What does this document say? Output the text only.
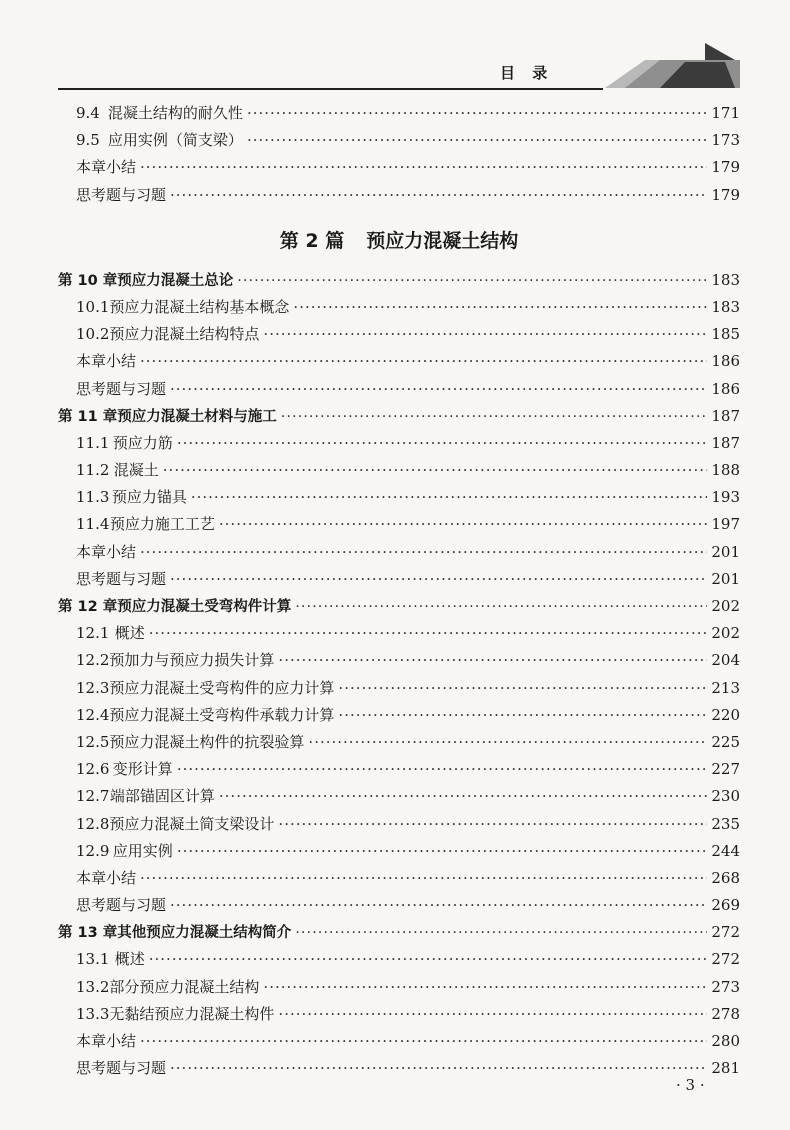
目 录
9.4 混凝土结构的耐久性 ·····	171
9.5 应用实例（简支梁） ·····	173
本章小结 ·····	179
思考题与习题 ·····	179
第 2 篇 预应力混凝土结构
第 10 章 预应力混凝土总论 ·····	183
10.1 预应力混凝土结构基本概念 ·····	183
10.2 预应力混凝土结构特点 ·····	185
本章小结 ·····	186
思考题与习题 ·····	186
第 11 章 预应力混凝土材料与施工 ·····	187
11.1 预应力筋 ·····	187
11.2 混凝土 ·····	188
11.3 预应力锚具 ·····	193
11.4 预应力施工工艺 ·····	197
本章小结 ·····	201
思考题与习题 ·····	201
第 12 章 预应力混凝土受弯构件计算 ·····	202
12.1 概述 ·····	202
12.2 预加力与预应力损失计算 ·····	204
12.3 预应力混凝土受弯构件的应力计算 ·····	213
12.4 预应力混凝土受弯构件承载力计算 ·····	220
12.5 预应力混凝土构件的抗裂验算 ·····	225
12.6 变形计算 ·····	227
12.7 端部锚固区计算 ·····	230
12.8 预应力混凝土简支梁设计 ·····	235
12.9 应用实例 ·····	244
本章小结 ·····	268
思考题与习题 ·····	269
第 13 章 其他预应力混凝土结构简介 ·····	272
13.1 概述 ·····	272
13.2 部分预应力混凝土结构 ·····	273
13.3 无黏结预应力混凝土构件 ·····	278
本章小结 ·····	280
思考题与习题 ·····	281
· 3 ·
